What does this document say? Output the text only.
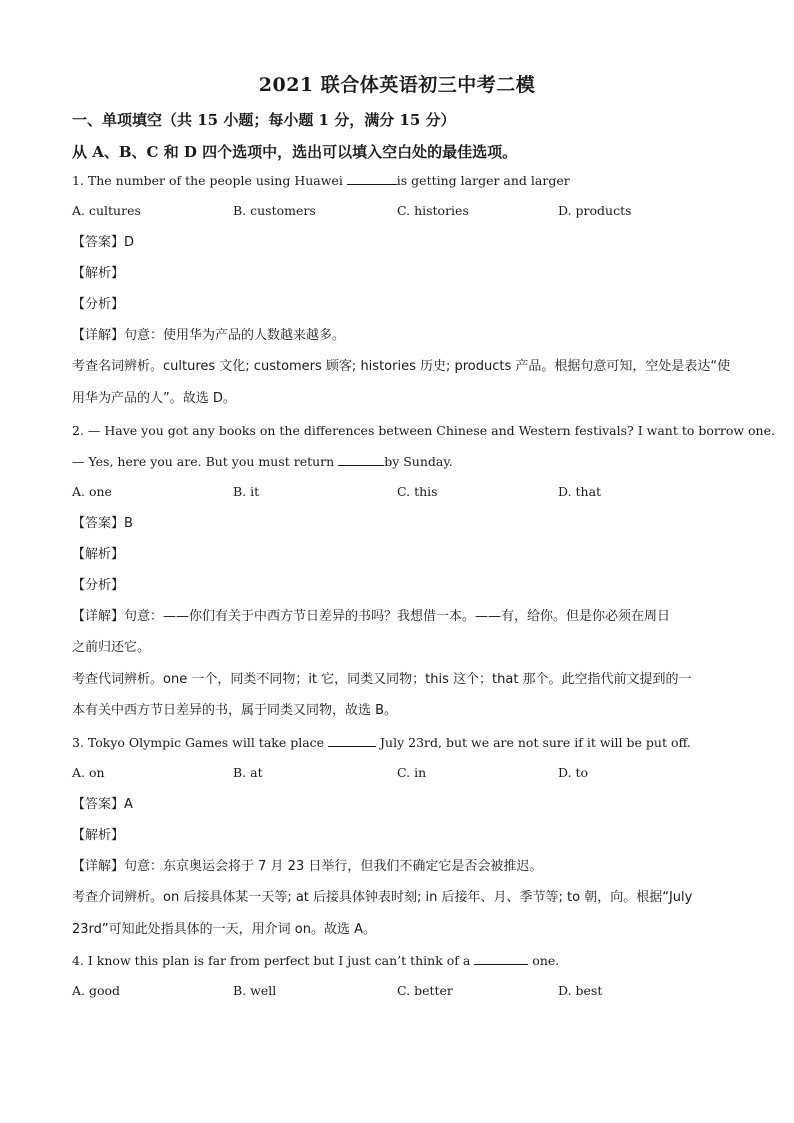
2021 联合体英语初三中考二模
一、单项填空（共 15 小题；每小题 1 分，满分 15 分）
从 A、B、C 和 D 四个选项中，选出可以填入空白处的最佳选项。
1. The number of the people using Huawei	is getting larger and larger
A. cultures	B. customers	C. histories	D. products
【答案】D
【解析】
【分析】
【详解】句意：使用华为产品的人数越来越多。
考查名词辨析。cultures 文化; customers 顾客; histories 历史; products 产品。根据句意可知，空处是表达“使
用华为产品的人”。故选 D。
2. — Have you got any books on the differences between Chinese and Western festivals? I want to borrow one.
— Yes, here you are. But you must return	by Sunday.
A. one	B. it	C. this	D. that
【答案】B
【解析】
【分析】
【详解】句意：——你们有关于中西方节日差异的书吗？我想借一本。——有，给你。但是你必须在周日
之前归还它。
考查代词辨析。one 一个，同类不同物；it 它，同类又同物；this 这个；that 那个。此空指代前文提到的一
本有关中西方节日差异的书，属于同类又同物，故选 B。
3. Tokyo Olympic Games will take place	July 23rd, but we are not sure if it will be put off.
A. on	B. at	C. in	D. to
【答案】A
【解析】
【详解】句意：东京奥运会将于 7 月 23 日举行，但我们不确定它是否会被推迟。
考查介词辨析。on 后接具体某一天等; at 后接具体钟表时刻; in 后接年、月、季节等; to 朝，向。根据“July
23rd”可知此处指具体的一天，用介词 on。故选 A。
4. I know this plan is far from perfect but I just can’t think of a	one.
A. good	B. well	C. better	D. best
